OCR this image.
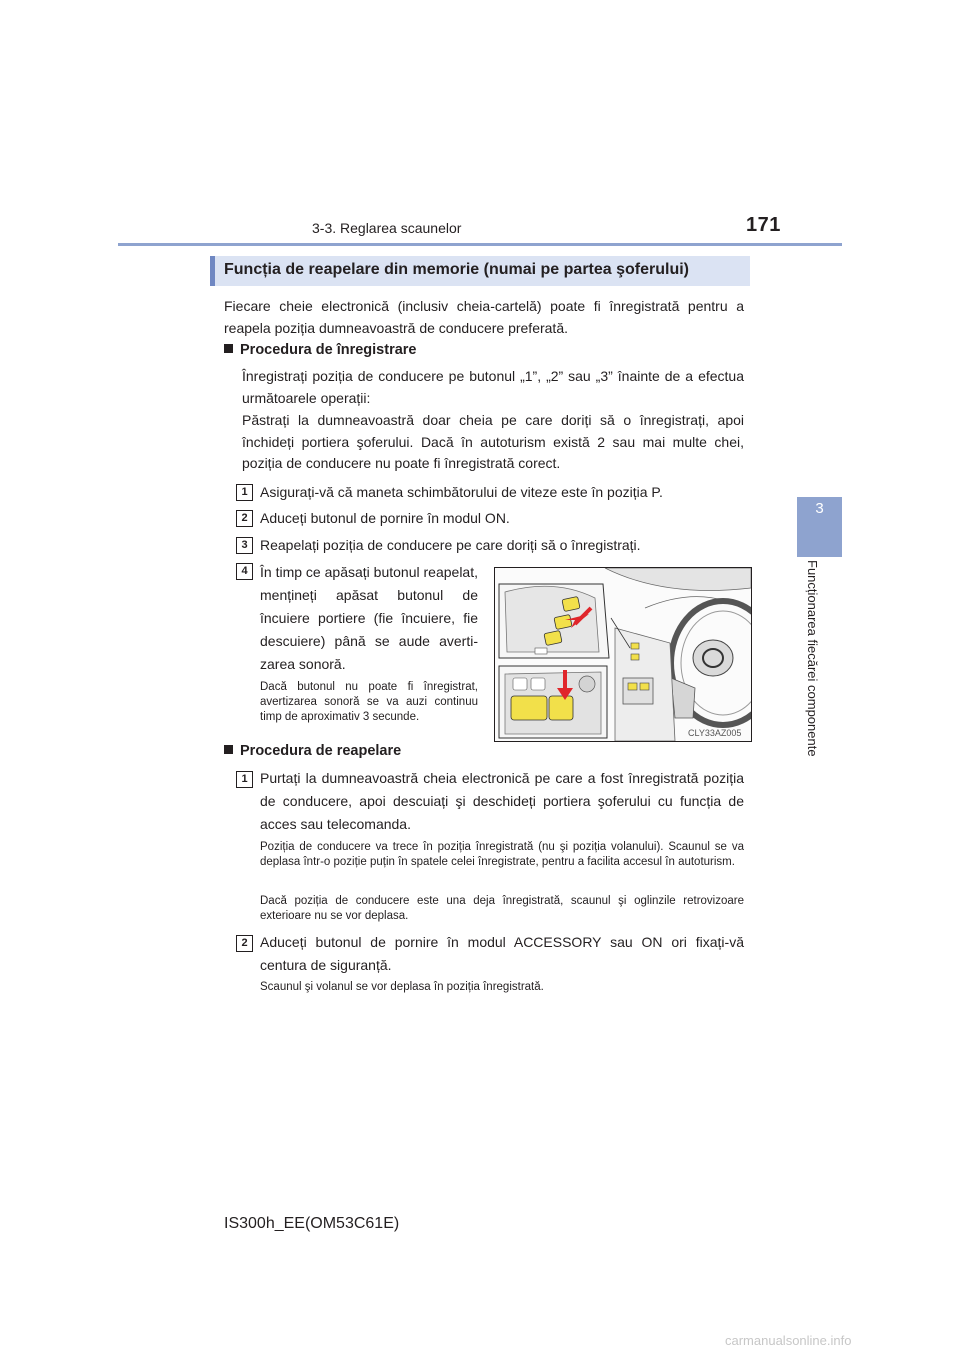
3-3. Reglarea scaunelor	171
3
Funcționarea fiecărei componente
Funcția de reapelare din memorie (numai pe partea şoferului)
Fiecare cheie electronică (inclusiv cheia-cartelă) poate fi înregistrată pentru a reapela poziția dumneavoastră de conducere preferată.
Procedura de înregistrare
Înregistrați poziția de conducere pe butonul „1”, „2” sau „3” înainte de a efectua următoarele operații:
Păstrați la dumneavoastră doar cheia pe care doriți să o înregistrați, apoi închideți portiera şoferului. Dacă în autoturism există 2 sau mai multe chei, poziția de conducere nu poate fi înregistrată corect.
1 Asigurați-vă că maneta schimbătorului de viteze este în poziția P.
2 Aduceți butonul de pornire în modul ON.
3 Reapelați poziția de conducere pe care doriți să o înregistrați.
4 În timp ce apăsați butonul reapelat, mențineți apăsat butonul de încuiere portiere (fie încuiere, fie descuiere) până se aude averti-zarea sonoră.
Dacă butonul nu poate fi înregistrat, avertizarea sonoră se va auzi continuu timp de aproximativ 3 secunde.
CLY33AZ005
Procedura de reapelare
1 Purtați la dumneavoastră cheia electronică pe care a fost înregistrată poziția de conducere, apoi descuiați şi deschideți portiera şoferului cu funcția de acces sau telecomanda.
Poziția de conducere va trece în poziția înregistrată (nu şi poziția volanului). Scaunul se va deplasa într-o poziție puțin în spatele celei înregistrate, pentru a facilita accesul în autoturism.
Dacă poziția de conducere este una deja înregistrată, scaunul şi oglinzile retrovizoare exterioare nu se vor deplasa.
2 Aduceți butonul de pornire în modul ACCESSORY sau ON ori fixați-vă centura de siguranță.
Scaunul şi volanul se vor deplasa în poziția înregistrată.
IS300h_EE(OM53C61E)
carmanualsonline.info
